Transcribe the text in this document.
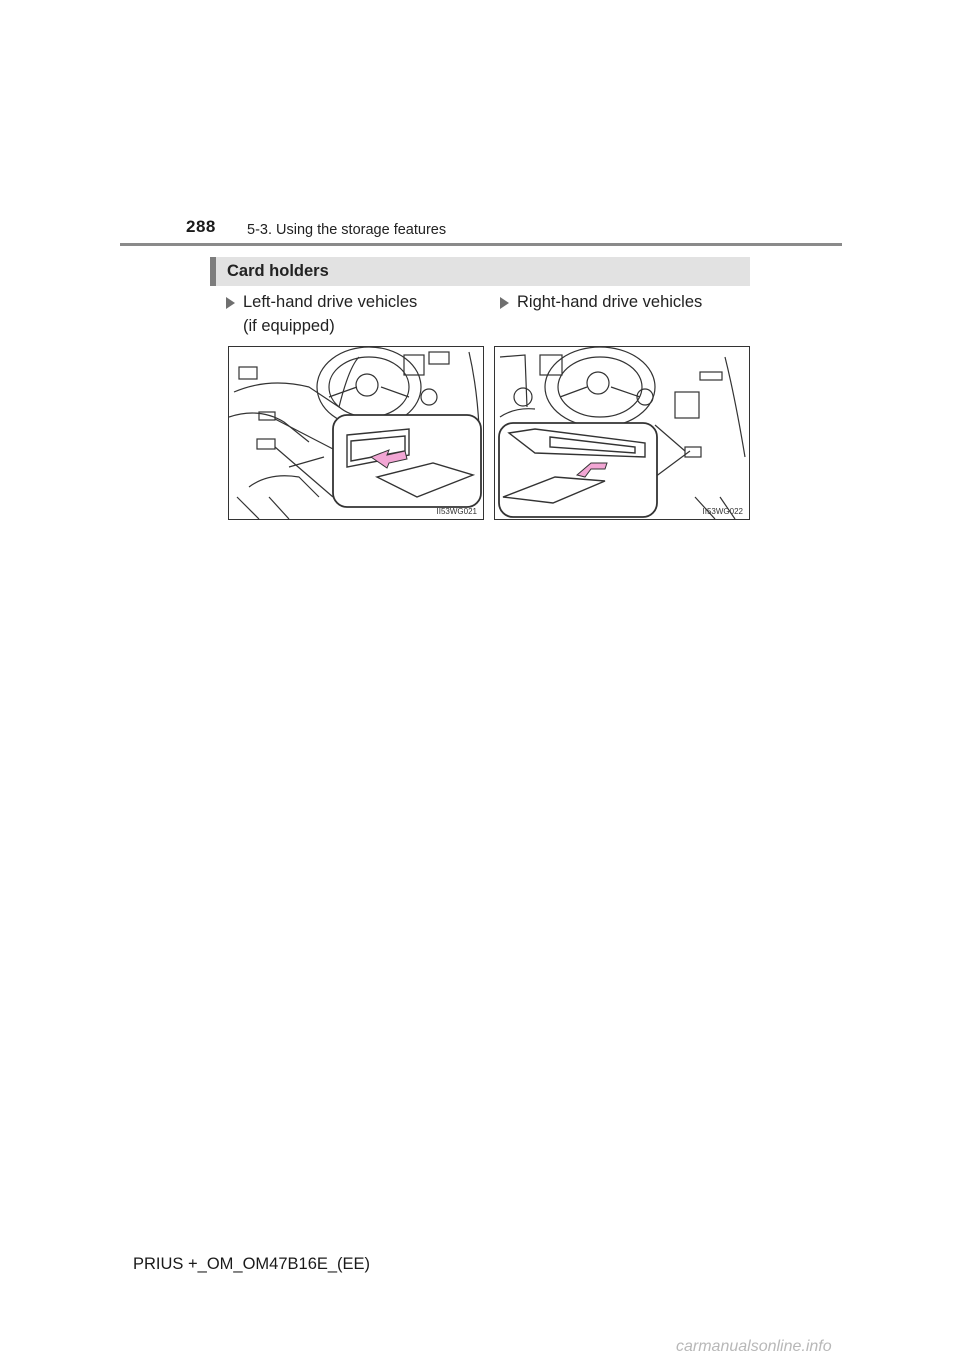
288 5-3. Using the storage features
Card holders
Left-hand drive vehicles
(if equipped)
Right-hand drive vehicles
II53WG021	II53WG022
PRIUS +_OM_OM47B16E_(EE)
carmanualsonline.info
